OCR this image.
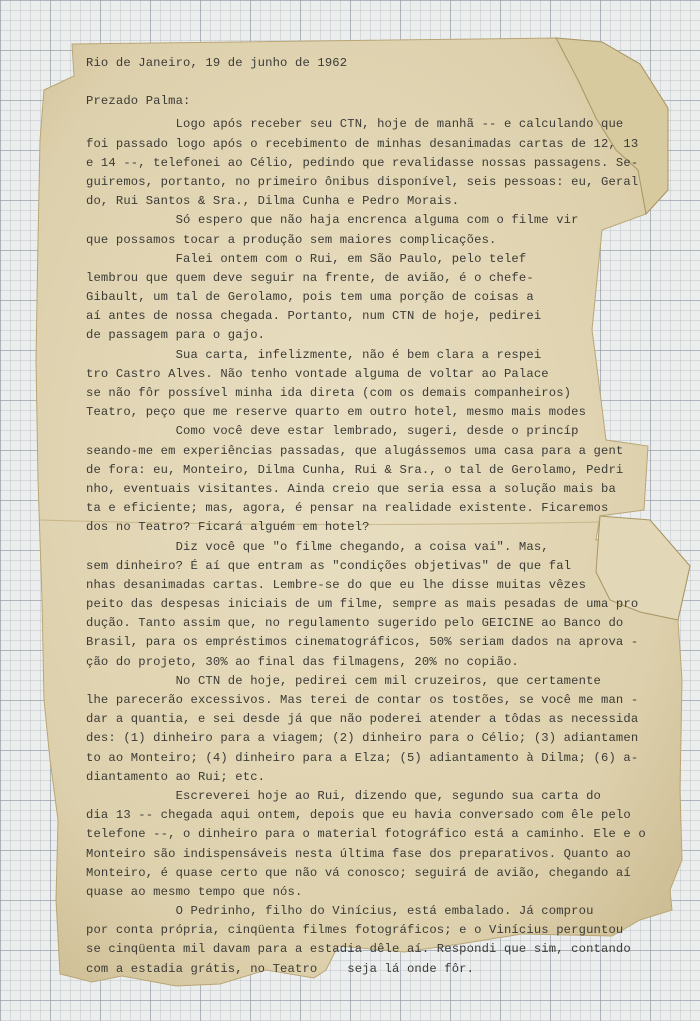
Rio de Janeiro, 19 de junho de 1962
Prezado Palma:
Logo após receber seu CTN, hoje de manhã -- e calculando que
foi passado logo após o recebimento de minhas desanimadas cartas de 12, 13
e 14 --, telefonei ao Célio, pedindo que revalidasse nossas passagens. Se-
guiremos, portanto, no primeiro ônibus disponível, seis pessoas: eu, Geral
do, Rui Santos & Sra., Dilma Cunha e Pedro Morais.
Só espero que não haja encrenca alguma com o filme vir
que possamos tocar a produção sem maiores complicações.
Falei ontem com o Rui, em São Paulo, pelo telef
lembrou que quem deve seguir na frente, de avião, é o chefe-
Gibault, um tal de Gerolamo, pois tem uma porção de coisas a
aí antes de nossa chegada. Portanto, num CTN de hoje, pedirei
de passagem para o gajo.
Sua carta, infelizmente, não é bem clara a respei
tro Castro Alves. Não tenho vontade alguma de voltar ao Palace
se não fôr possível minha ida direta (com os demais companheiros)
Teatro, peço que me reserve quarto em outro hotel, mesmo mais modes
Como você deve estar lembrado, sugeri, desde o princíp
seando-me em experiências passadas, que alugássemos uma casa para a gent
de fora: eu, Monteiro, Dilma Cunha, Rui & Sra., o tal de Gerolamo, Pedri
nho, eventuais visitantes. Ainda creio que seria essa a solução mais ba
ta e eficiente; mas, agora, é pensar na realidade existente. Ficaremos
dos no Teatro? Ficará alguém em hotel?
Diz você que "o filme chegando, a coisa vai". Mas,
sem dinheiro? É aí que entram as "condições objetivas" de que fal
nhas desanimadas cartas. Lembre-se do que eu lhe disse muitas vêzes
peito das despesas iniciais de um filme, sempre as mais pesadas de uma pro
dução. Tanto assim que, no regulamento sugerido pelo GEICINE ao Banco do
Brasil, para os empréstimos cinematográficos, 50% seriam dados na aprova -
ção do projeto, 30% ao final das filmagens, 20% no copião.
No CTN de hoje, pedirei cem mil cruzeiros, que certamente
lhe parecerão excessivos. Mas terei de contar os tostões, se você me man -
dar a quantia, e sei desde já que não poderei atender a tôdas as necessida
des: (1) dinheiro para a viagem; (2) dinheiro para o Célio; (3) adiantamen
to ao Monteiro; (4) dinheiro para a Elza; (5) adiantamento à Dilma; (6) a-
diantamento ao Rui; etc.
Escreverei hoje ao Rui, dizendo que, segundo sua carta do
dia 13 -- chegada aqui ontem, depois que eu havia conversado com êle pelo
telefone --, o dinheiro para o material fotográfico está a caminho. Ele e o
Monteiro são indispensáveis nesta última fase dos preparativos. Quanto ao
Monteiro, é quase certo que não vá conosco; seguirá de avião, chegando aí
quase ao mesmo tempo que nós.
O Pedrinho, filho do Vinícius, está embalado. Já comprou
por conta própria, cinqüenta filmes fotográficos; e o Vinícius perguntou
se cinqüenta mil davam para a estadia dêle aí. Respondi que sim, contando
com a estadia grátis, no Teatro    seja lá onde fôr.
